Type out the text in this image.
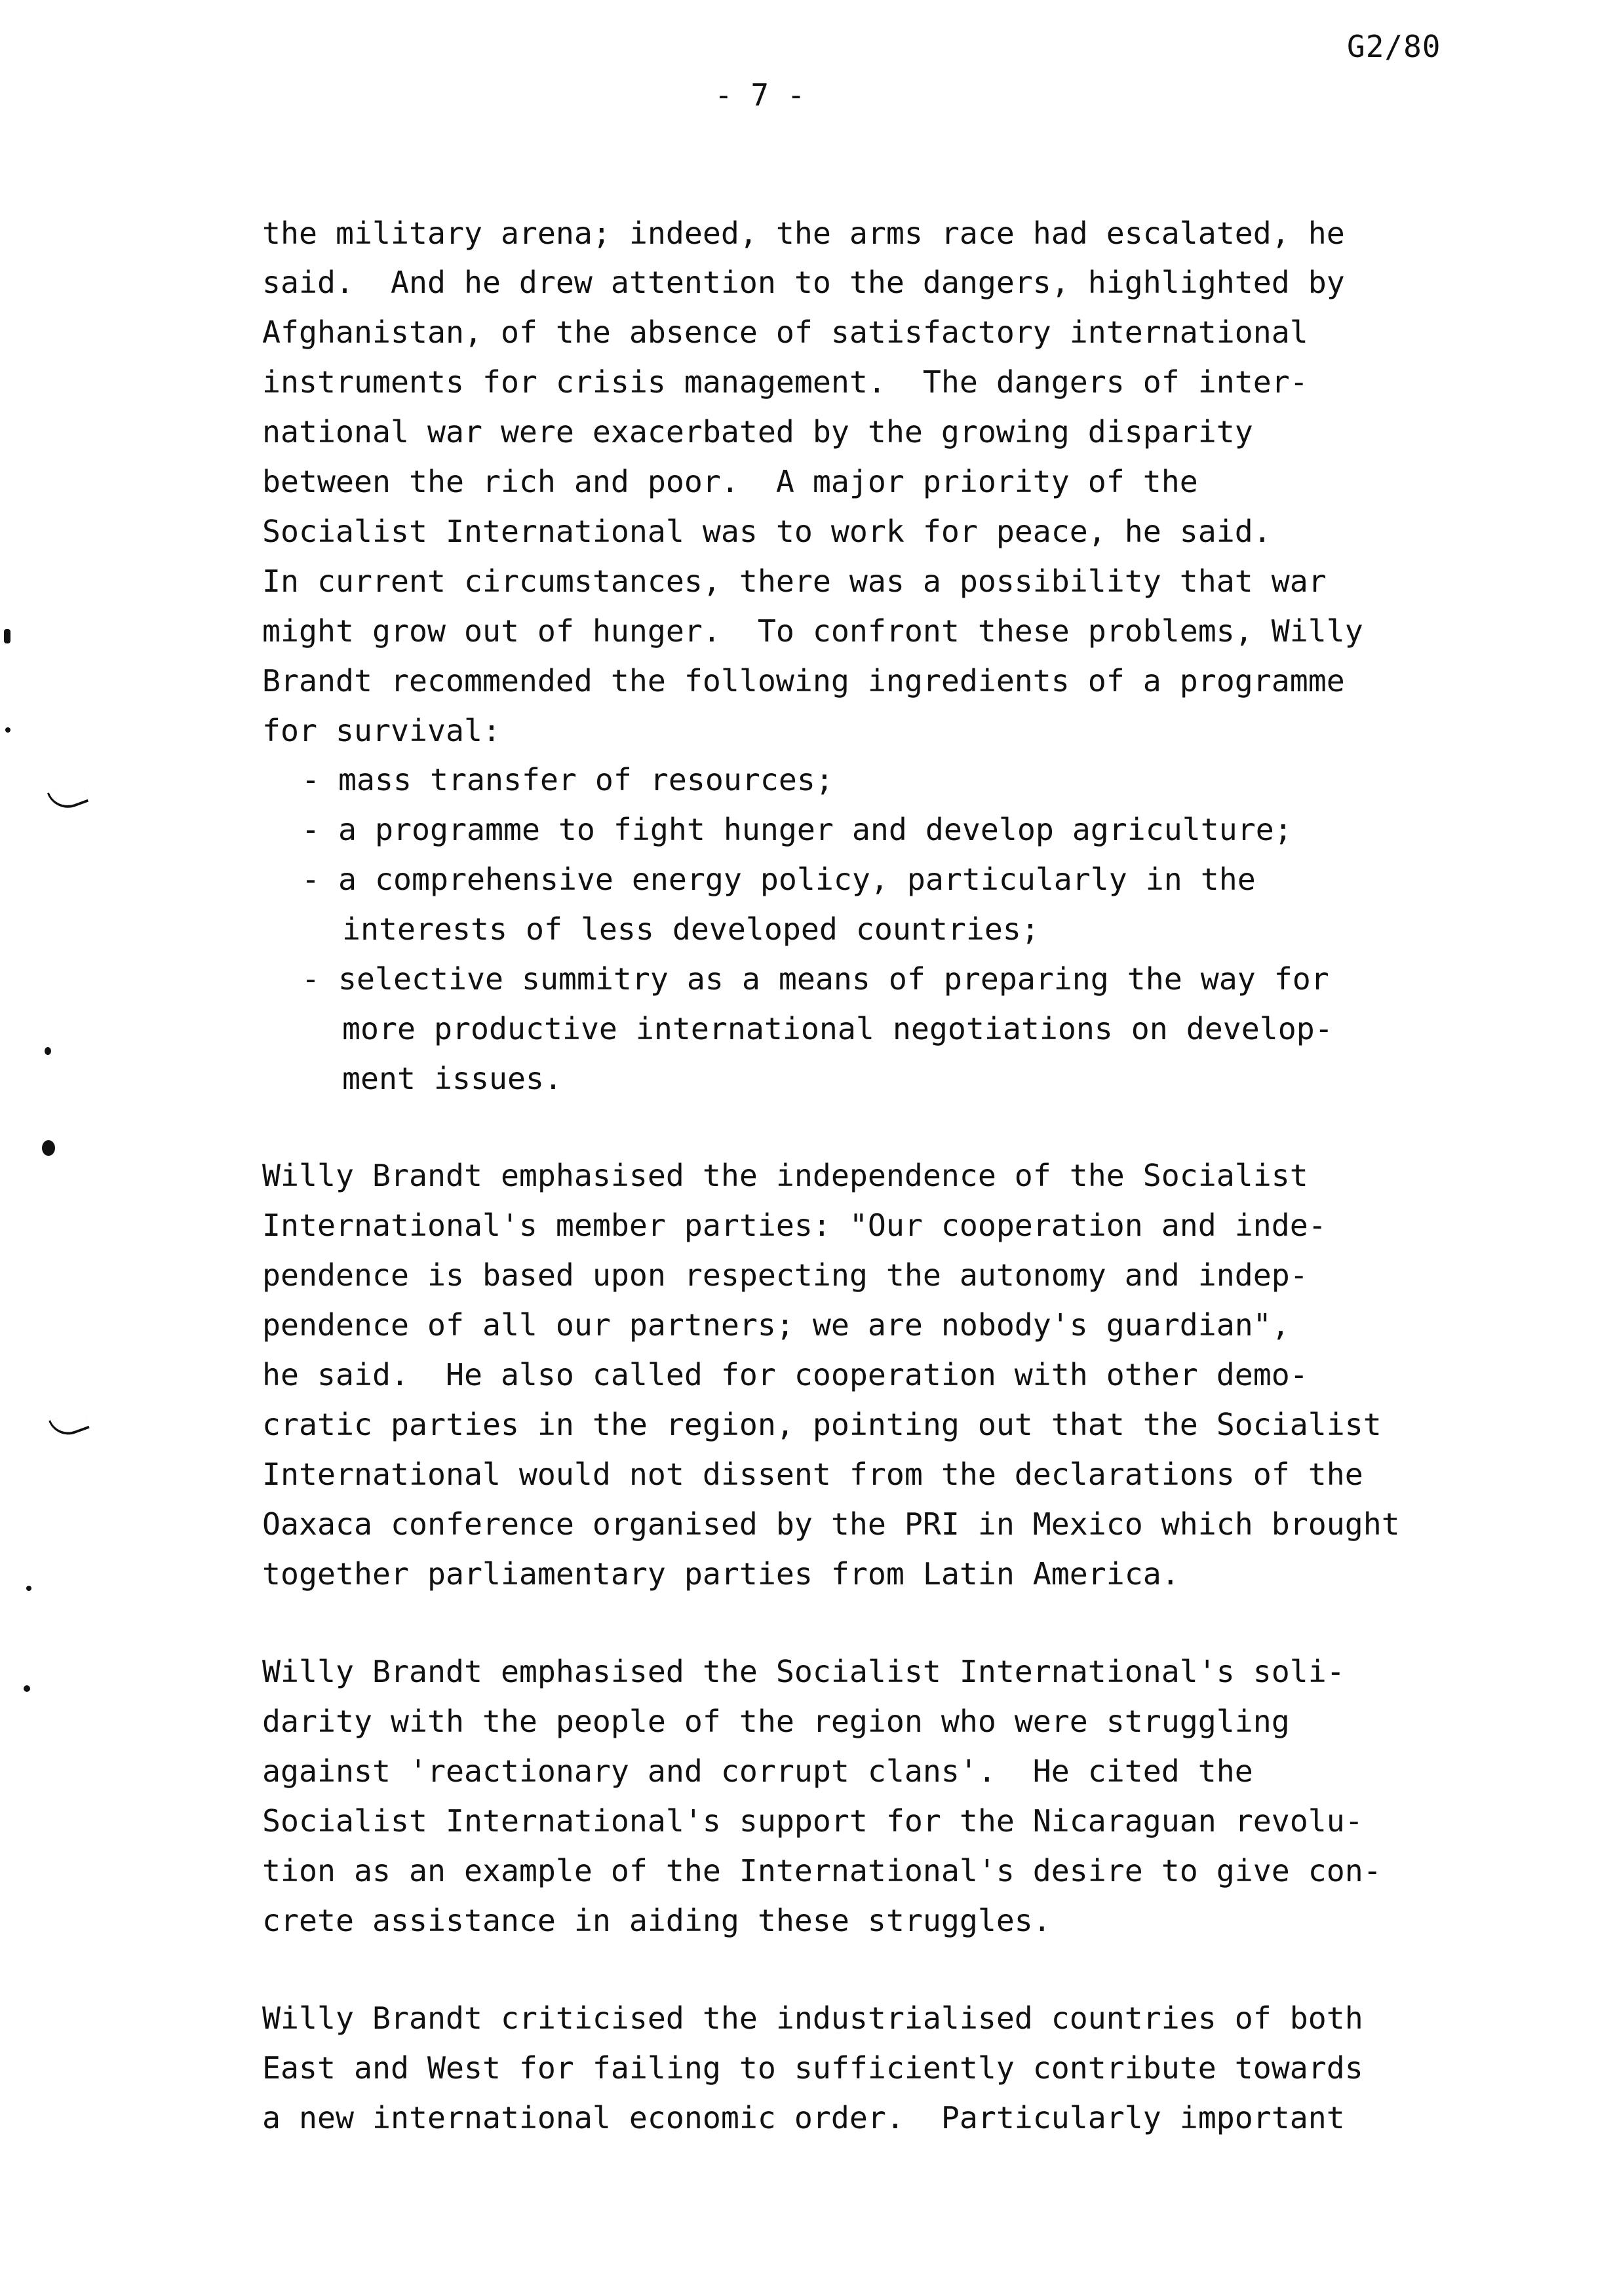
G2/80
- 7 -
the military arena; indeed, the arms race had escalated, he
said.  And he drew attention to the dangers, highlighted by
Afghanistan, of the absence of satisfactory international
instruments for crisis management.  The dangers of inter-
national war were exacerbated by the growing disparity
between the rich and poor.  A major priority of the
Socialist International was to work for peace, he said.
In current circumstances, there was a possibility that war
might grow out of hunger.  To confront these problems, Willy
Brandt recommended the following ingredients of a programme
for survival:
- mass transfer of resources;
- a programme to fight hunger and develop agriculture;
- a comprehensive energy policy, particularly in the
interests of less developed countries;
- selective summitry as a means of preparing the way for
more productive international negotiations on develop-
ment issues.
Willy Brandt emphasised the independence of the Socialist
International's member parties: "Our cooperation and inde-
pendence is based upon respecting the autonomy and indep-
pendence of all our partners; we are nobody's guardian",
he said.  He also called for cooperation with other demo-
cratic parties in the region, pointing out that the Socialist
International would not dissent from the declarations of the
Oaxaca conference organised by the PRI in Mexico which brought
together parliamentary parties from Latin America.
Willy Brandt emphasised the Socialist International's soli-
darity with the people of the region who were struggling
against 'reactionary and corrupt clans'.  He cited the
Socialist International's support for the Nicaraguan revolu-
tion as an example of the International's desire to give con-
crete assistance in aiding these struggles.
Willy Brandt criticised the industrialised countries of both
East and West for failing to sufficiently contribute towards
a new international economic order.  Particularly important
